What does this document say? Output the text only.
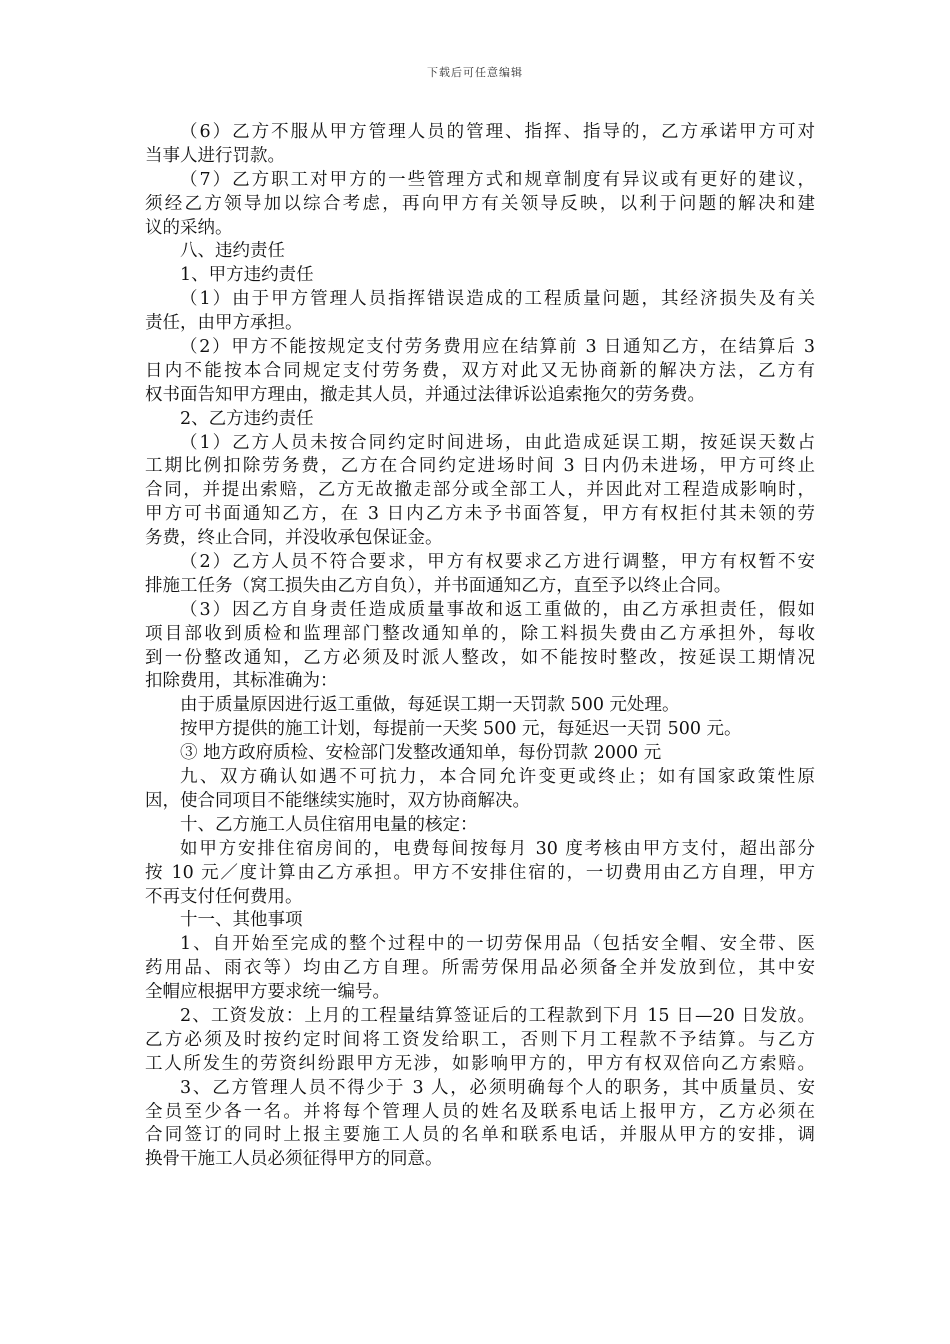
下载后可任意编辑
（6）乙方不服从甲方管理人员的管理、指挥、指导的，乙方承诺甲方可对
当事人进行罚款。
（7）乙方职工对甲方的一些管理方式和规章制度有异议或有更好的建议，
须经乙方领导加以综合考虑，再向甲方有关领导反映，以利于问题的解决和建
议的采纳。
八、违约责任
1、甲方违约责任
（1）由于甲方管理人员指挥错误造成的工程质量问题，其经济损失及有关
责任，由甲方承担。
（2）甲方不能按规定支付劳务费用应在结算前 3 日通知乙方，在结算后 3
日内不能按本合同规定支付劳务费，双方对此又无协商新的解决方法，乙方有
权书面告知甲方理由，撤走其人员，并通过法律诉讼追索拖欠的劳务费。
2、乙方违约责任
（1）乙方人员未按合同约定时间进场，由此造成延误工期，按延误天数占
工期比例扣除劳务费，乙方在合同约定进场时间 3 日内仍未进场，甲方可终止
合同，并提出索赔，乙方无故撤走部分或全部工人，并因此对工程造成影响时，
甲方可书面通知乙方，在 3 日内乙方未予书面答复，甲方有权拒付其未领的劳
务费，终止合同，并没收承包保证金。
（2）乙方人员不符合要求，甲方有权要求乙方进行调整，甲方有权暂不安
排施工任务（窝工损失由乙方自负），并书面通知乙方，直至予以终止合同。
（3）因乙方自身责任造成质量事故和返工重做的，由乙方承担责任，假如
项目部收到质检和监理部门整改通知单的，除工料损失费由乙方承担外，每收
到一份整改通知，乙方必须及时派人整改，如不能按时整改，按延误工期情况
扣除费用，其标准确为：
由于质量原因进行返工重做，每延误工期一天罚款 500 元处理。
按甲方提供的施工计划，每提前一天奖 500 元，每延迟一天罚 500 元。
③ 地方政府质检、安检部门发整改通知单，每份罚款 2000 元
九、双方确认如遇不可抗力，本合同允许变更或终止；如有国家政策性原
因，使合同项目不能继续实施时，双方协商解决。
十、乙方施工人员住宿用电量的核定：
如甲方安排住宿房间的，电费每间按每月 30 度考核由甲方支付，超出部分
按 10 元／度计算由乙方承担。甲方不安排住宿的，一切费用由乙方自理，甲方
不再支付任何费用。
十一、其他事项
1、自开始至完成的整个过程中的一切劳保用品（包括安全帽、安全带、医
药用品、雨衣等）均由乙方自理。所需劳保用品必须备全并发放到位，其中安
全帽应根据甲方要求统一编号。
2、工资发放：上月的工程量结算签证后的工程款到下月 15 日—20 日发放。
乙方必须及时按约定时间将工资发给职工，否则下月工程款不予结算。与乙方
工人所发生的劳资纠纷跟甲方无涉，如影响甲方的，甲方有权双倍向乙方索赔。
3、乙方管理人员不得少于 3 人，必须明确每个人的职务，其中质量员、安
全员至少各一名。并将每个管理人员的姓名及联系电话上报甲方，乙方必须在
合同签订的同时上报主要施工人员的名单和联系电话，并服从甲方的安排，调
换骨干施工人员必须征得甲方的同意。
